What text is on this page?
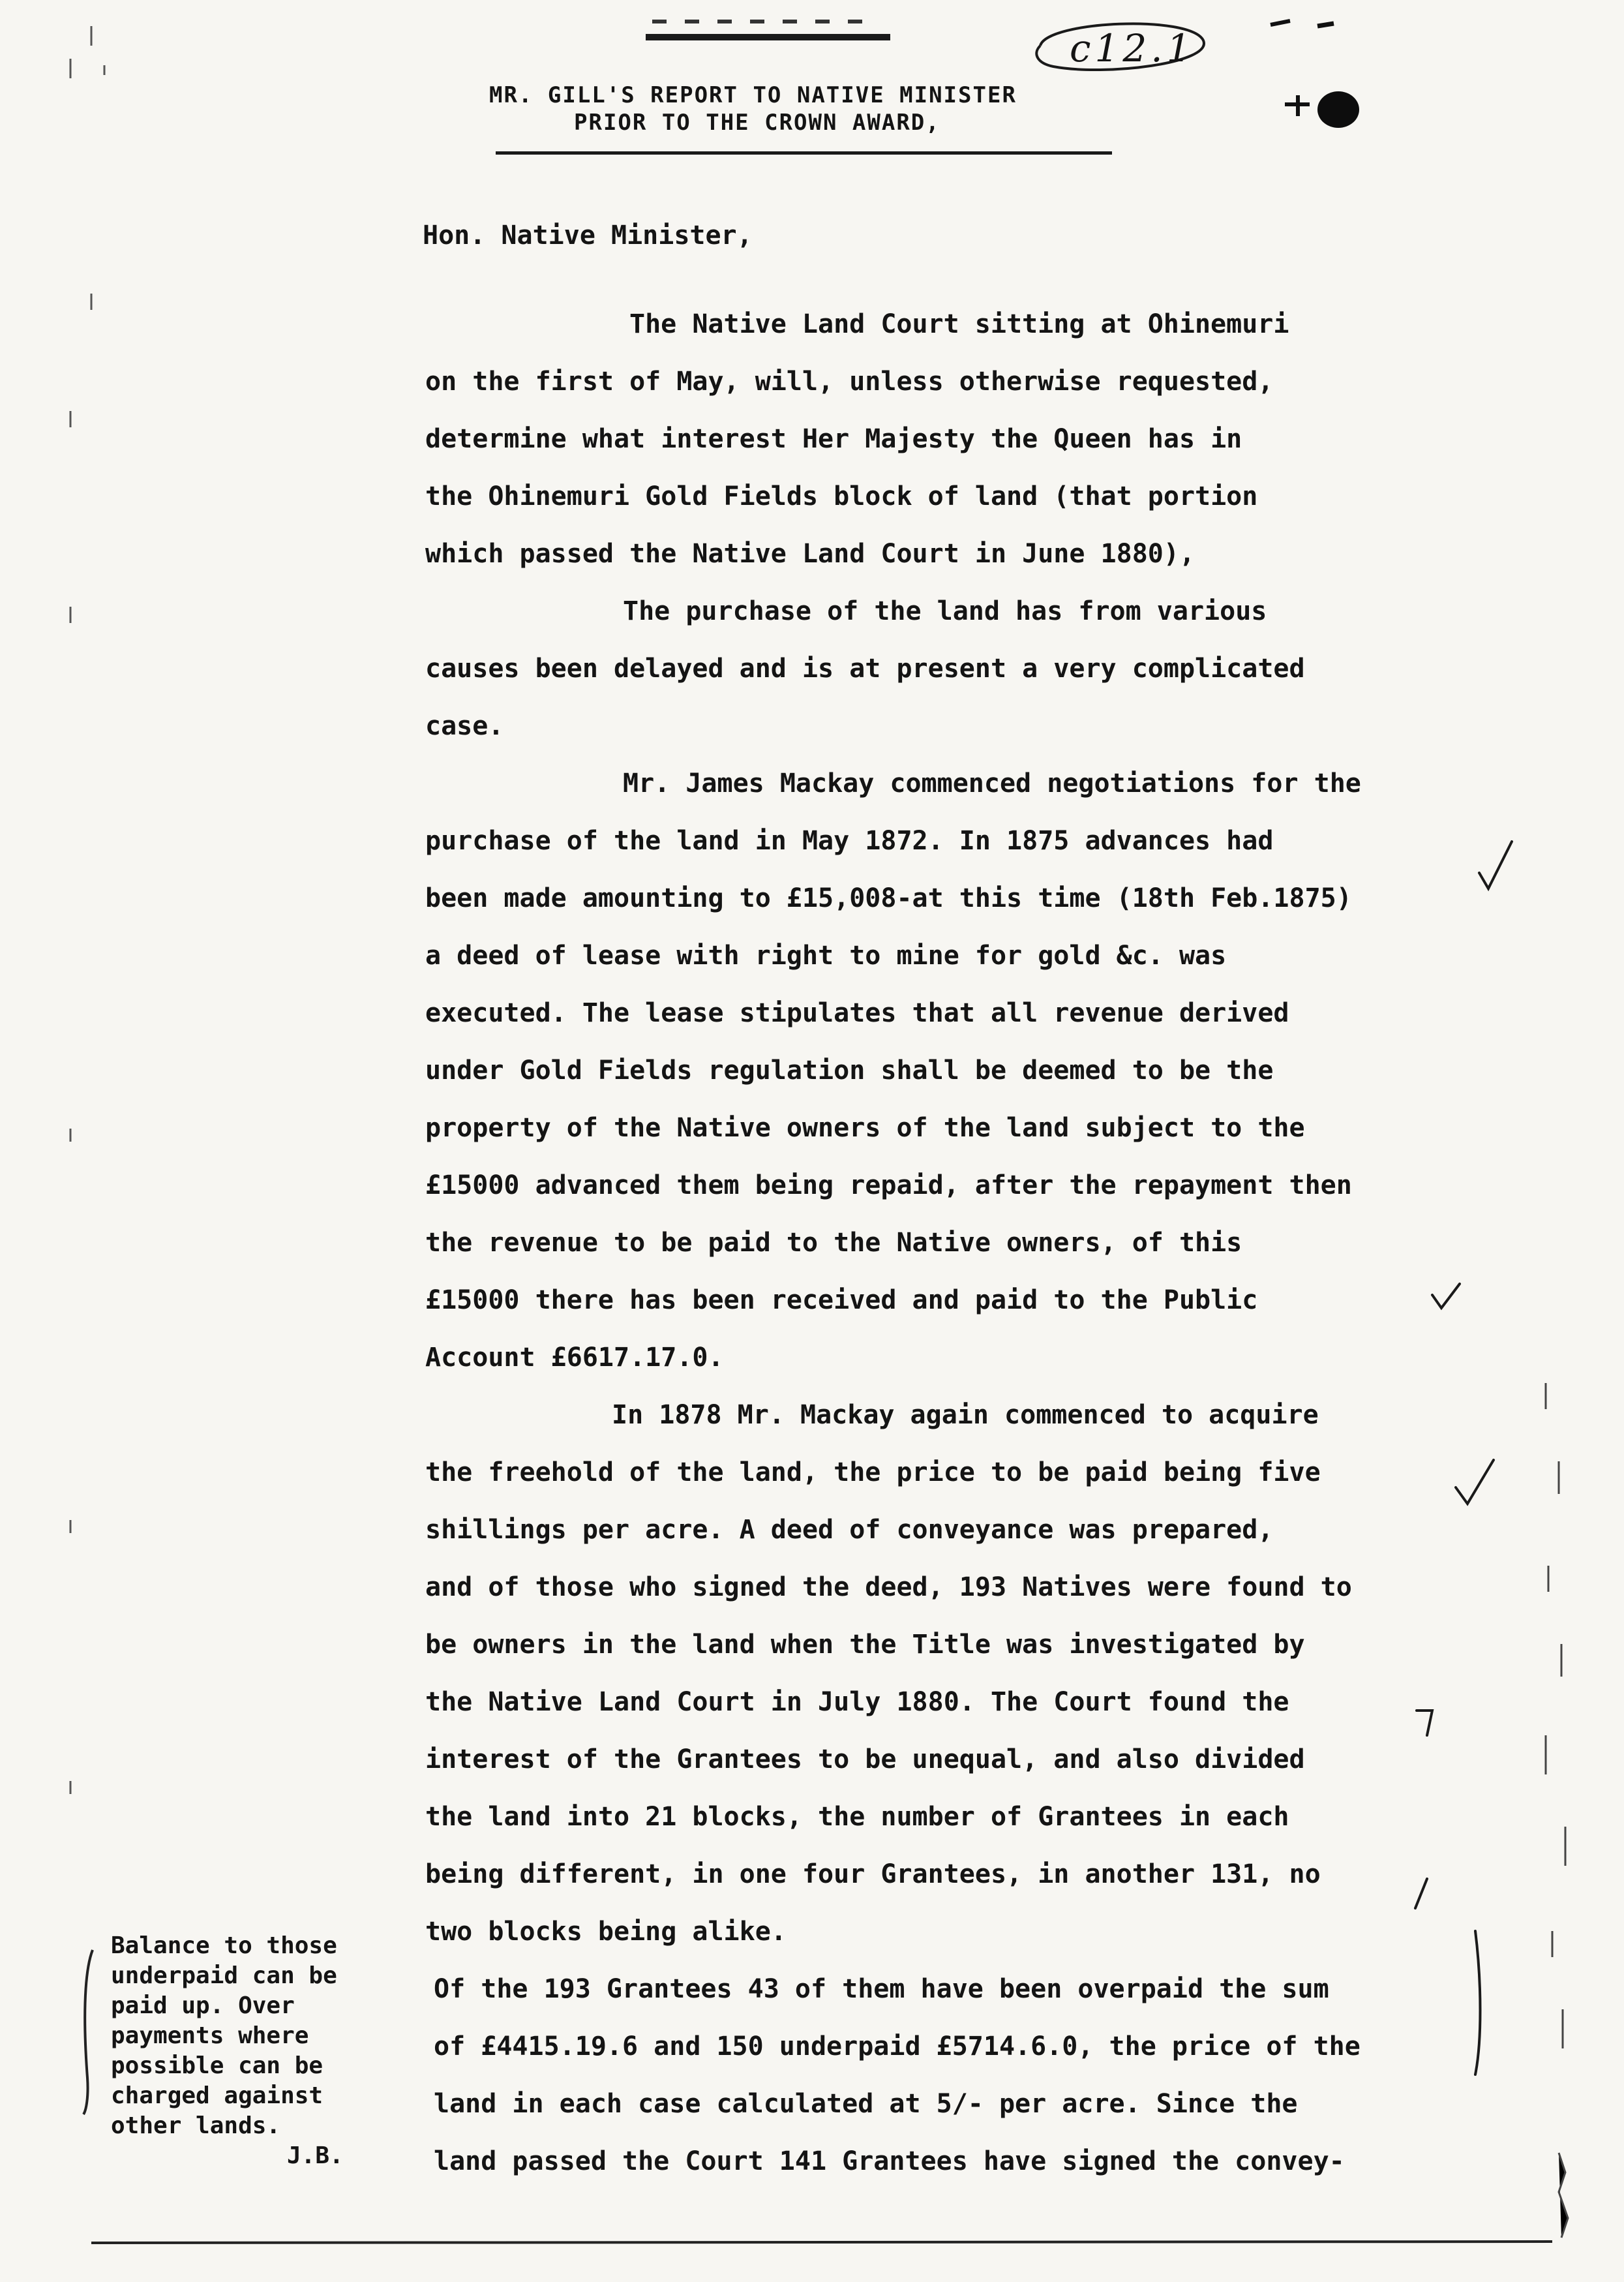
c12.1
MR. GILL'S REPORT TO NATIVE MINISTER
PRIOR TO THE CROWN AWARD,
Hon. Native Minister,
The Native Land Court sitting at Ohinemuri
on the first of May, will, unless otherwise requested,
determine what interest Her Majesty the Queen has in
the Ohinemuri Gold Fields block of land (that portion
which passed the Native Land Court in June 1880),
The purchase of the land has from various
causes been delayed and is at present a very complicated
case.
Mr. James Mackay commenced negotiations for the
purchase of the land in May 1872. In 1875 advances had
been made amounting to £15,008-at this time (18th Feb.1875)
a deed of lease with right to mine for gold &c. was
executed. The lease stipulates that all revenue derived
under Gold Fields regulation shall be deemed to be the
property of the Native owners of the land subject to the
£15000 advanced them being repaid, after the repayment then
the revenue to be paid to the Native owners, of this
£15000 there has been received and paid to the Public
Account £6617.17.0.
In 1878 Mr. Mackay again commenced to acquire
the freehold of the land, the price to be paid being five
shillings per acre. A deed of conveyance was prepared,
and of those who signed the deed, 193 Natives were found to
be owners in the land when the Title was investigated by
the Native Land Court in July 1880. The Court found the
interest of the Grantees to be unequal, and also divided
the land into 21 blocks, the number of Grantees in each
being different, in one four Grantees, in another 131, no
two blocks being alike.
Of the 193 Grantees 43 of them have been overpaid the sum
of £4415.19.6 and 150 underpaid £5714.6.0, the price of the
land in each case calculated at 5/- per acre. Since the
land passed the Court 141 Grantees have signed the convey-
Balance to those
underpaid can be
paid up. Over
payments where
possible can be
charged against
other lands.
J.B.
